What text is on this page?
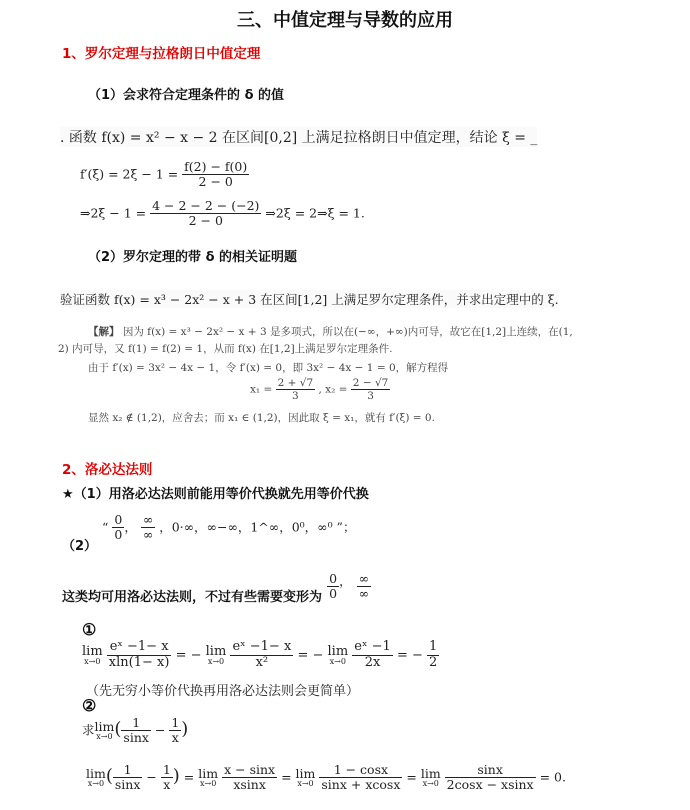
三、中值定理与导数的应用
1、罗尔定理与拉格朗日中值定理
（1）会求符合定理条件的 δ 的值
. 函数 f(x) = x² − x − 2 在区间[0,2] 上满足拉格朗日中值定理，结论 ξ = _
$f'(\xi) = 2\xi - 1 = \frac{f(2) - f(0)}{2 - 0}$
⇒2ξ − $1 = \frac{4 - 2 - 2 - (-2)}{2 - 0}$ ⇒2ξ = 2⇒ξ = 1.
（2）罗尔定理的带 δ 的相关证明题
验证函数 f(x) = x³ − 2x² − x + 3 在区间[1,2] 上满足罗尔定理条件，并求出定理中的 ξ.
【解】 因为 f(x) = x³ − 2x² − x + 3 是多项式，所以在(−∞，+∞)内可导，故它在[1,2]上连续，在(1,
2) 内可导，又 f(1) = f(2) = 1，从而 f(x) 在[1,2]上满足罗尔定理条件.
由于 f′(x) = 3x² − 4x − 1，令 f′(x) = 0，即 3x² − 4x − 1 = 0，解方程得
$x_1 = \frac{2 + √7}{3}$ , $x_2 = \frac{2 - √7}{3}$
显然 x₂ ∉ (1,2)，应舍去；而 x₁ ∈ (1,2)，因此取 ξ = x₁，就有 f′(ξ) = 0.
2、洛必达法则
★（1）用洛必达法则前能用等价代换就先用等价代换
（2）
“ $\frac{0}{0}$ ， $\frac{\infty}{\infty}$ ，0·∞，∞−∞，1^∞，0⁰，∞⁰ ”；
$_{这类均可用洛必达法则,不过有些需要变形为} \frac{0}{0}$ ， $\frac{\infty}{\infty}$
①
lim
x→0
$\frac{\text{eˣ −1− x}}{xln(1- x)}$ = − lim
x→0
$\frac{\text{eˣ −1− x}}{\text{x²}}$ = − lim
x→0
$\frac{\text{eˣ −1}}{2x}$ = − $\frac{1}{2}$
（先无穷小等价代换再用洛必达法则会更简单）
②
求lim
x→0 ( $\frac{1}{\sin x} - \frac{1}{x}$ )
lim
x→0 ( $\frac{1}{\sin x} - \frac{1}{x}$ ) = lim
x→0
$\frac{x - \sin x}{xsinx} = \lim$
x→0
$\frac{1 - \cos x}{\sin x + xcosx} = \lim$
x→0
$\frac{\sin x}{2\cos x - xsinx} = 0$.
